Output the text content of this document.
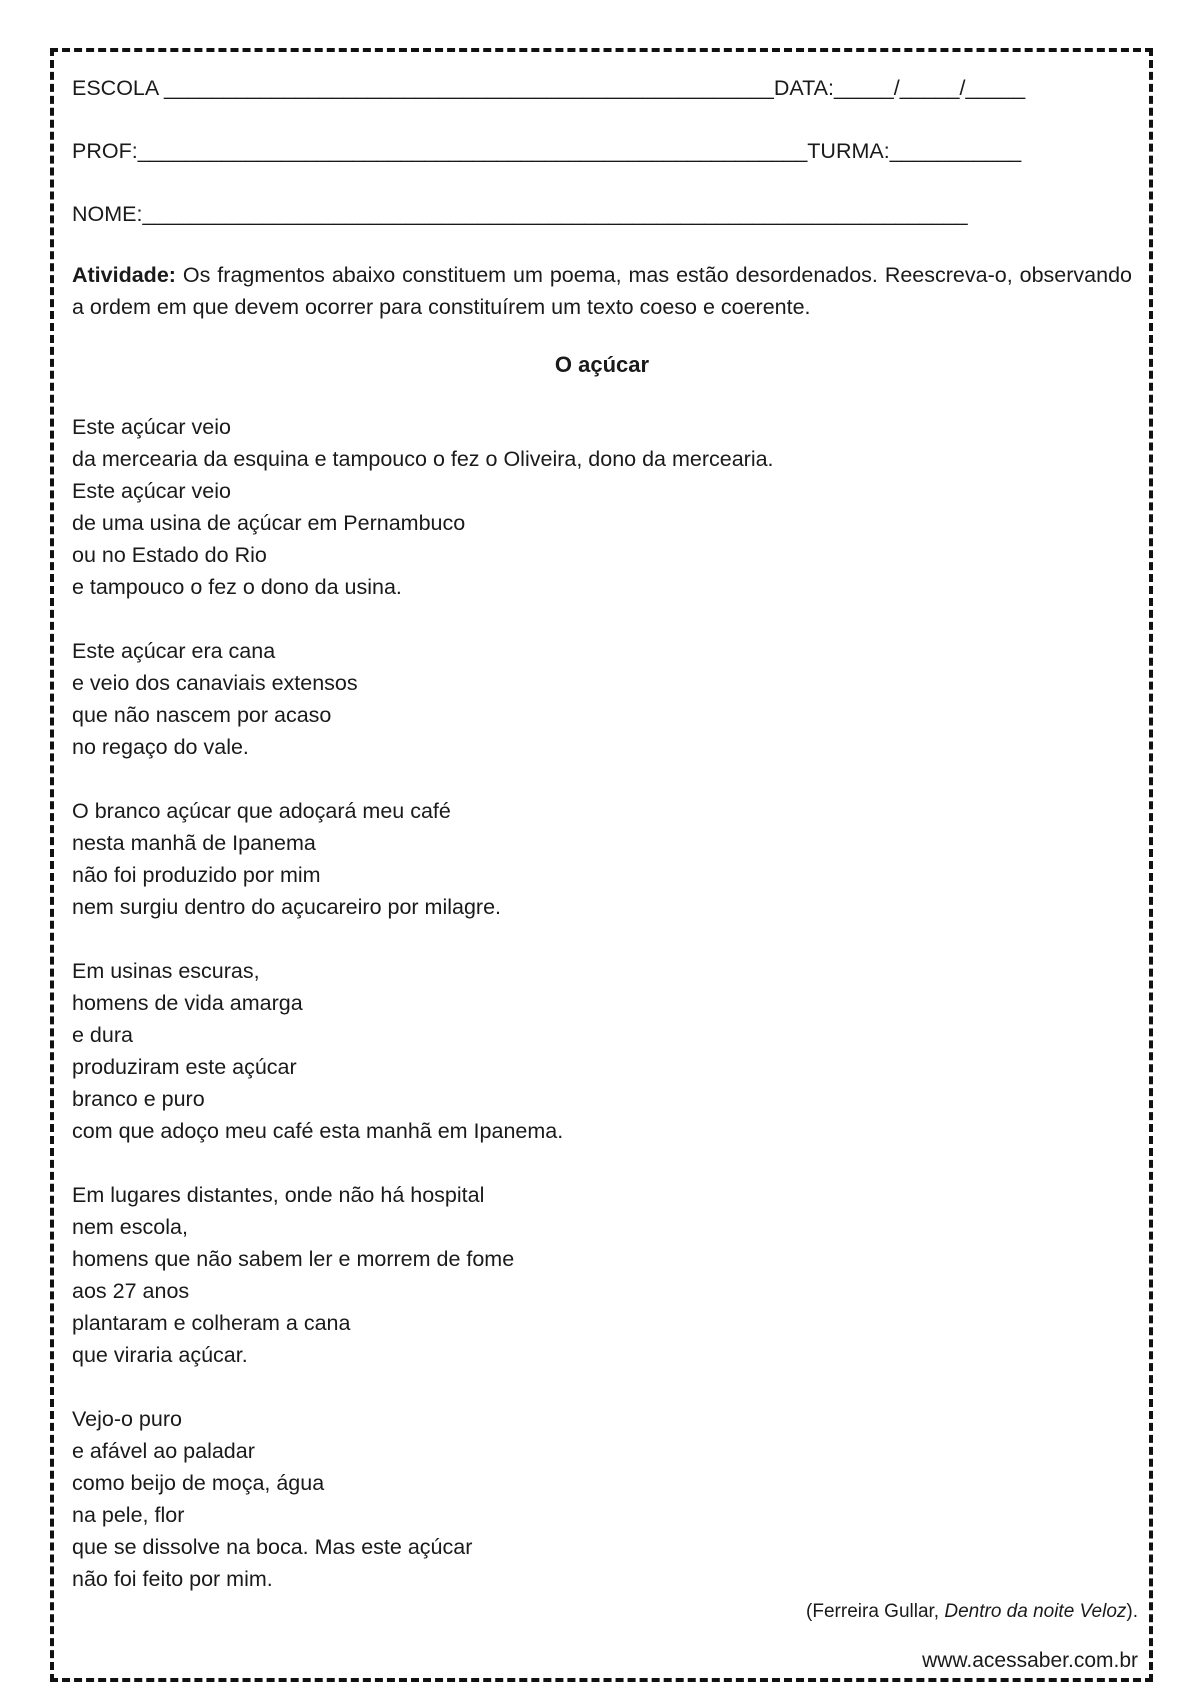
ESCOLA ___________________________________________________DATA:_____/_____/_____
PROF:________________________________________________________TURMA:___________
NOME:_____________________________________________________________________
Atividade: Os fragmentos abaixo constituem um poema, mas estão desordenados. Reescreva-o, observando a ordem em que devem ocorrer para constituírem um texto coeso e coerente.
O açúcar
Este açúcar veio
da mercearia da esquina e tampouco o fez o Oliveira, dono da mercearia.
Este açúcar veio
de uma usina de açúcar em Pernambuco
ou no Estado do Rio
e tampouco o fez o dono da usina.
Este açúcar era cana
e veio dos canaviais extensos
que não nascem por acaso
no regaço do vale.
O branco açúcar que adoçará meu café
nesta manhã de Ipanema
não foi produzido por mim
nem surgiu dentro do açucareiro por milagre.
Em usinas escuras,
homens de vida amarga
e dura
produziram este açúcar
branco e puro
com que adoço meu café esta manhã em Ipanema.
Em lugares distantes, onde não há hospital
nem escola,
homens que não sabem ler e morrem de fome
aos 27 anos
plantaram e colheram a cana
que viraria açúcar.
Vejo-o puro
e afável ao paladar
como beijo de moça, água
na pele, flor
que se dissolve na boca. Mas este açúcar
não foi feito por mim.
(Ferreira Gullar, Dentro da noite Veloz).
www.acessaber.com.br
